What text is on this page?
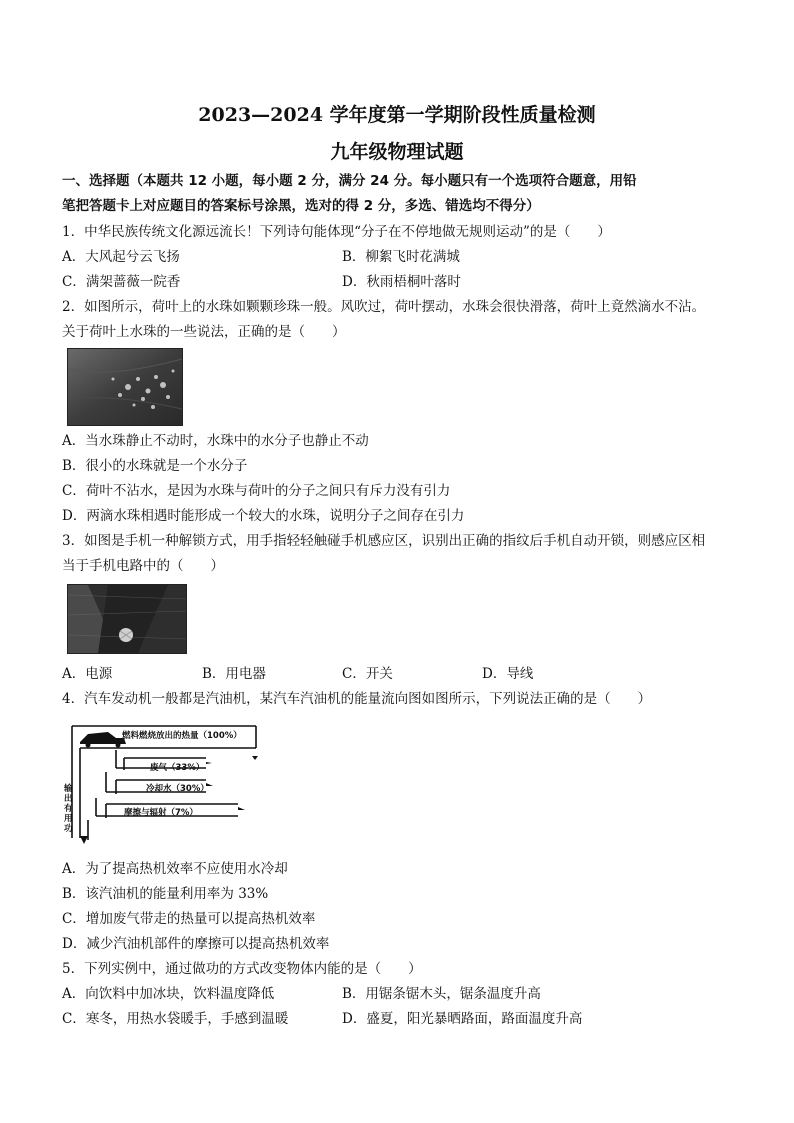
2023—2024 学年度第一学期阶段性质量检测
九年级物理试题
一、选择题（本题共 12 小题，每小题 2 分，满分 24 分。每小题只有一个选项符合题意，用铅
笔把答题卡上对应题目的答案标号涂黑，选对的得 2 分，多选、错选均不得分）
1．中华民族传统文化源远流长！下列诗句能体现“分子在不停地做无规则运动”的是（　　）
A．大风起兮云飞扬	B．柳絮飞时花满城
C．满架蔷薇一院香	D．秋雨梧桐叶落时
2．如图所示，荷叶上的水珠如颗颗珍珠一般。风吹过，荷叶摆动，水珠会很快滑落，荷叶上竟然滴水不沾。
关于荷叶上水珠的一些说法，正确的是（　　）
A．当水珠静止不动时，水珠中的水分子也静止不动
B．很小的水珠就是一个水分子
C．荷叶不沾水，是因为水珠与荷叶的分子之间只有斥力没有引力
D．两滴水珠相遇时能形成一个较大的水珠，说明分子之间存在引力
3．如图是手机一种解锁方式，用手指轻轻触碰手机感应区，识别出正确的指纹后手机自动开锁，则感应区相
当于手机电路中的（　　）
A．电源	B．用电器	C．开关	D．导线
4．汽车发动机一般都是汽油机，某汽车汽油机的能量流向图如图所示，下列说法正确的是（　　）
燃料燃烧放出的热量（100%）
废气（33%）
冷却水（30%）
摩擦与辐射（7%）
输出有用功
A．为了提高热机效率不应使用水冷却
B．该汽油机的能量利用率为 33%
C．增加废气带走的热量可以提高热机效率
D．减少汽油机部件的摩擦可以提高热机效率
5．下列实例中，通过做功的方式改变物体内能的是（　　）
A．向饮料中加冰块，饮料温度降低	B．用锯条锯木头，锯条温度升高
C．寒冬，用热水袋暖手，手感到温暖	D．盛夏，阳光暴晒路面，路面温度升高
